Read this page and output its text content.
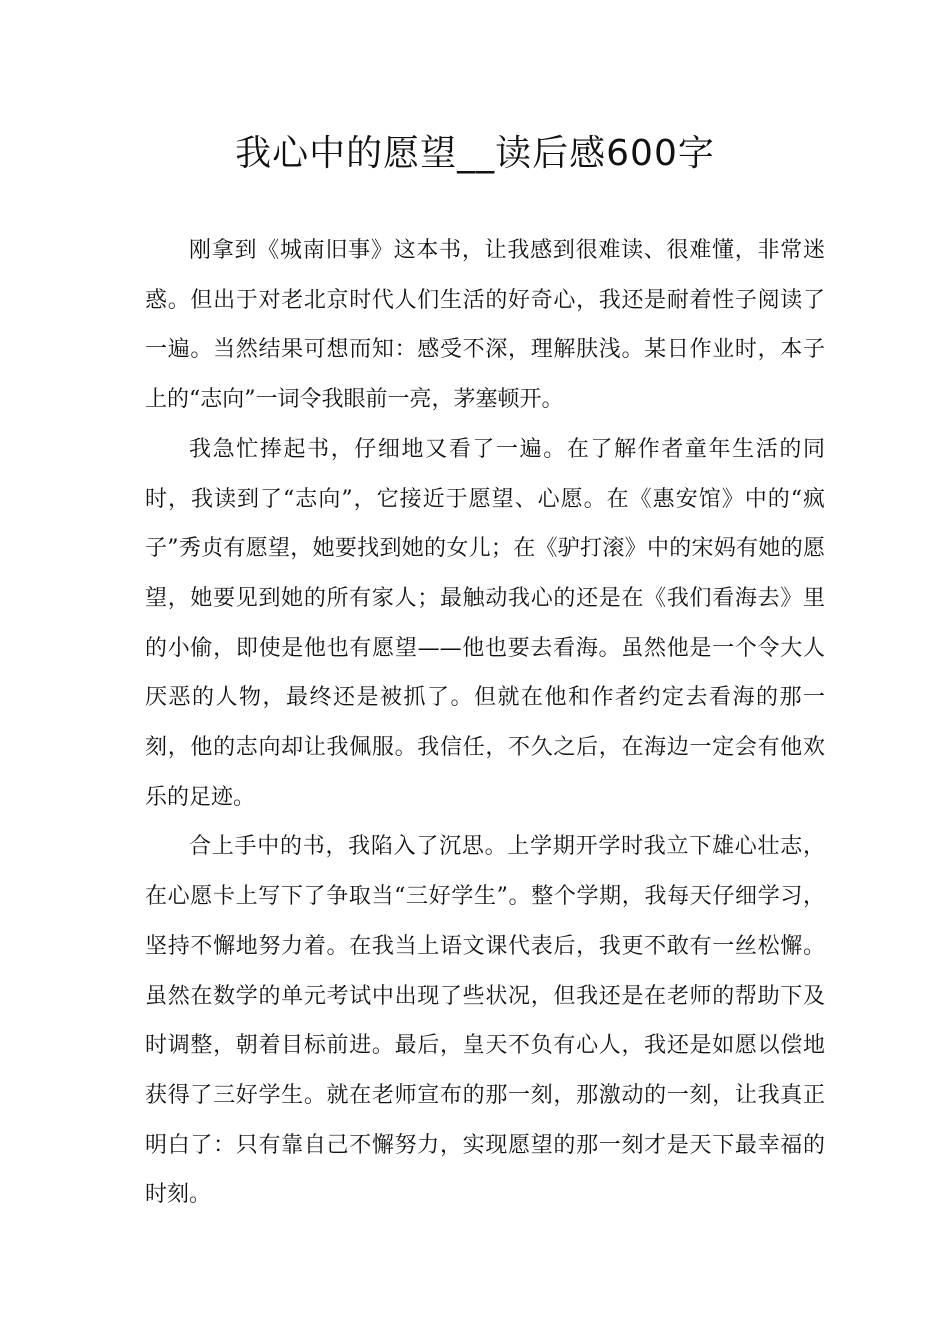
我心中的愿望__读后感600字

刚拿到《城南旧事》这本书，让我感到很难读、很难懂，非常迷惑。但出于对老北京时代人们生活的好奇心，我还是耐着性子阅读了一遍。当然结果可想而知：感受不深，理解肤浅。某日作业时，本子上的“志向”一词令我眼前一亮，茅塞顿开。

我急忙捧起书，仔细地又看了一遍。在了解作者童年生活的同时，我读到了“志向”，它接近于愿望、心愿。在《惠安馆》中的“疯子”秀贞有愿望，她要找到她的女儿；在《驴打滚》中的宋妈有她的愿望，她要见到她的所有家人；最触动我心的还是在《我们看海去》里的小偷，即使是他也有愿望——他也要去看海。虽然他是一个令大人厌恶的人物，最终还是被抓了。但就在他和作者约定去看海的那一刻，他的志向却让我佩服。我信任，不久之后，在海边一定会有他欢乐的足迹。

合上手中的书，我陷入了沉思。上学期开学时我立下雄心壮志，在心愿卡上写下了争取当“三好学生”。整个学期，我每天仔细学习，坚持不懈地努力着。在我当上语文课代表后，我更不敢有一丝松懈。虽然在数学的单元考试中出现了些状况，但我还是在老师的帮助下及时调整，朝着目标前进。最后，皇天不负有心人，我还是如愿以偿地获得了三好学生。就在老师宣布的那一刻，那激动的一刻，让我真正明白了：只有靠自己不懈努力，实现愿望的那一刻才是天下最幸福的时刻。
